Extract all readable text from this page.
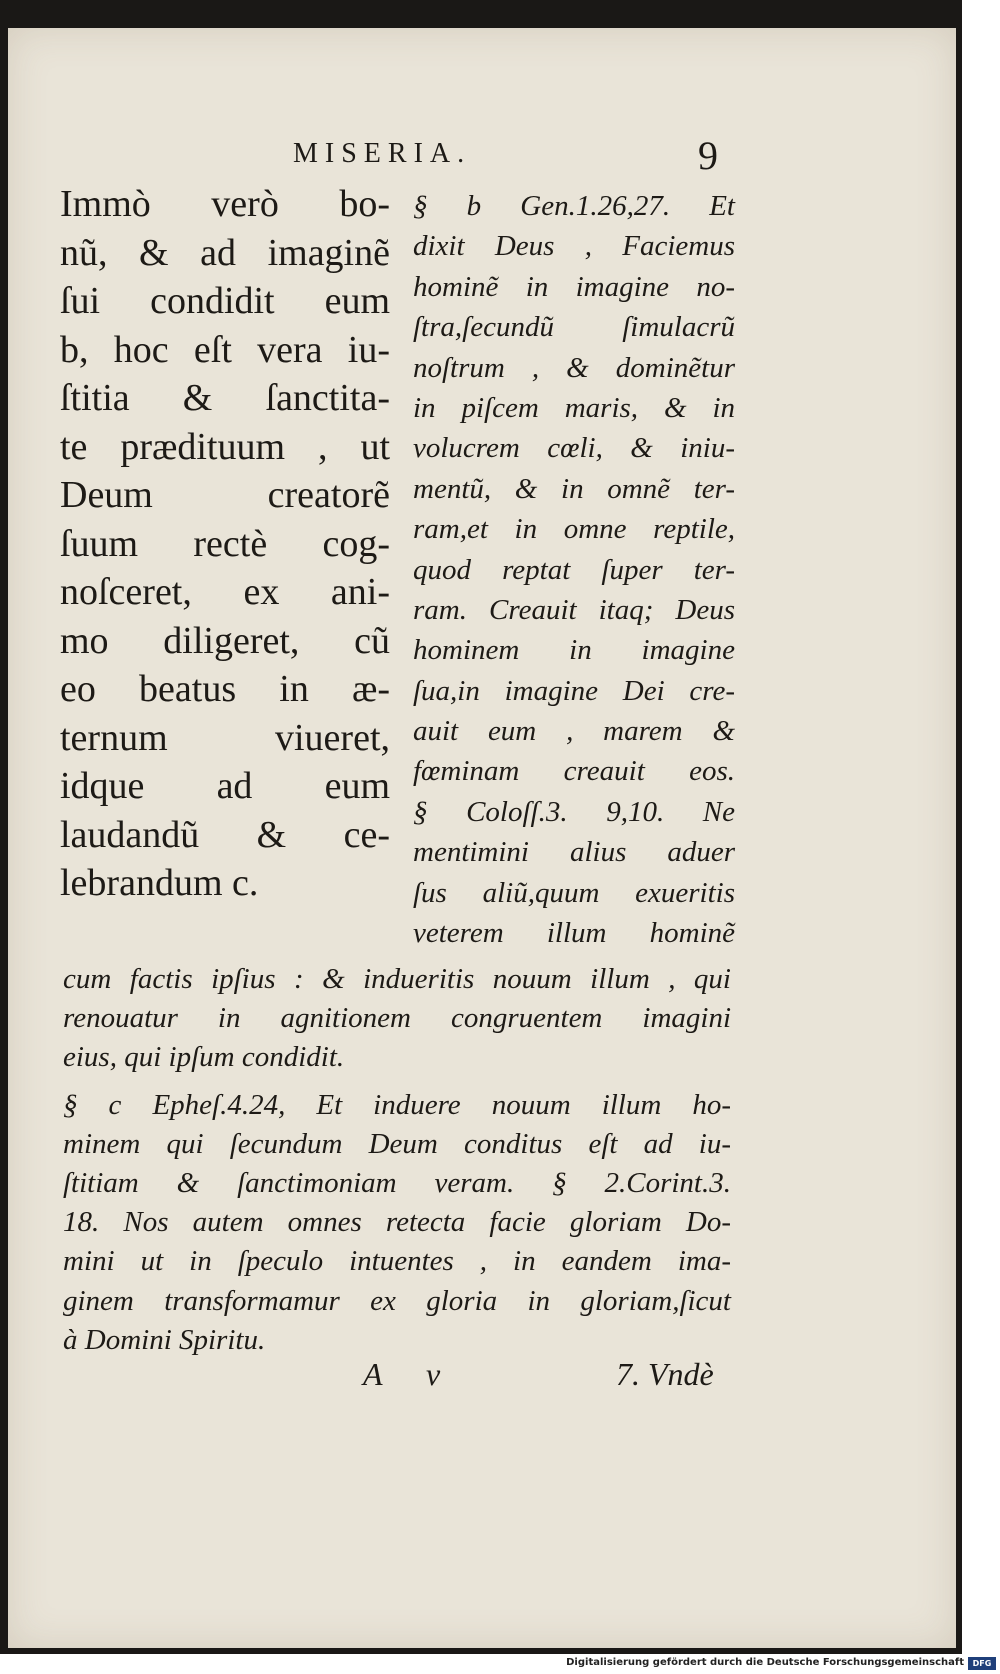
MISERIA.	9
Immò verò bo-
nũ, & ad imaginẽ
ſui condidit eum
b, hoc eſt vera iu-
ſtitia & ſanctita-
te prædituum , ut
Deum creatorẽ
ſuum rectè cog-
noſceret, ex ani-
mo diligeret, cũ
eo beatus in æ-
ternum viueret,
idque ad eum
laudandũ & ce-
lebrandum c.
§ b Gen.1.26,27. Et
dixit Deus , Faciemus
hominẽ in imagine no-
ſtra,ſecundũ ſimulacrũ
noſtrum , & dominẽtur
in piſcem maris, & in
volucrem cœli, & iniu-
mentũ, & in omnẽ ter-
ram,et in omne reptile,
quod reptat ſuper ter-
ram. Creauit itaq; Deus
hominem in imagine
ſua,in imagine Dei cre-
auit eum , marem &
fœminam creauit eos.
§ Coloſſ.3. 9,10. Ne
mentimini alius aduer
ſus aliũ,quum exueritis
veterem illum hominẽ
cum factis ipſius : & indueritis nouum illum , qui
renouatur in agnitionem congruentem imagini
eius, qui ipſum condidit.
§ c Epheſ.4.24, Et induere nouum illum ho-
minem qui ſecundum Deum conditus eſt ad iu-
ſtitiam & ſanctimoniam veram. § 2.Corint.3.
18. Nos autem omnes retecta facie gloriam Do-
mini ut in ſpeculo intuentes , in eandem ima-
ginem transformamur ex gloria in gloriam,ſicut
à Domini Spiritu.
A v	7. Vndè
Digitalisierung gefördert durch die Deutsche Forschungsgemeinschaft	DFG
